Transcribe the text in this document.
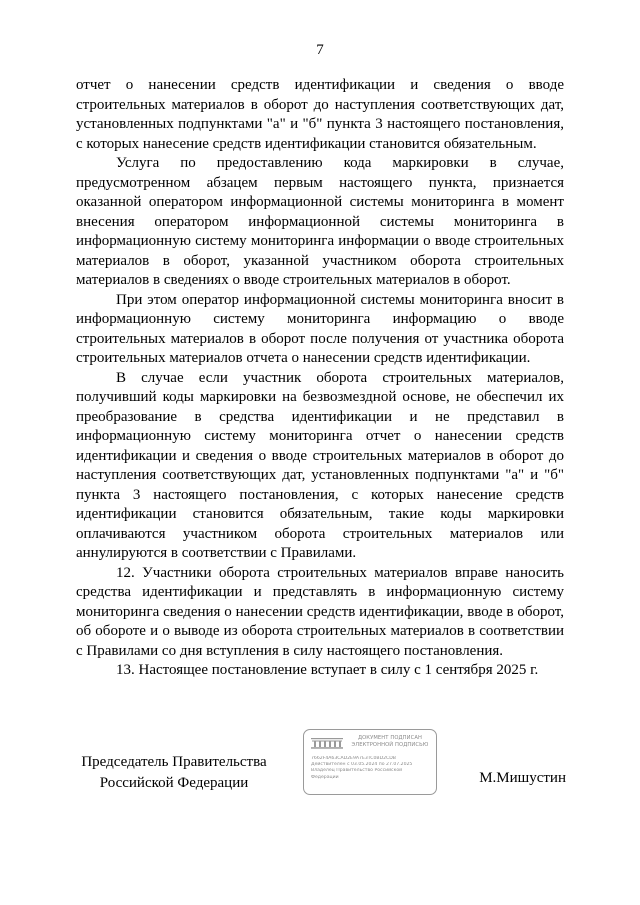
7

отчет о нанесении средств идентификации и сведения о вводе строительных материалов в оборот до наступления соответствующих дат, установленных подпунктами "а" и "б" пункта 3 настоящего постановления, с которых нанесение средств идентификации становится обязательным.

Услуга по предоставлению кода маркировки в случае, предусмотренном абзацем первым настоящего пункта, признается оказанной оператором информационной системы мониторинга в момент внесения оператором информационной системы мониторинга в информационную систему мониторинга информации о вводе строительных материалов в оборот, указанной участником оборота строительных материалов в сведениях о вводе строительных материалов в оборот.

При этом оператор информационной системы мониторинга вносит в информационную систему мониторинга информацию о вводе строительных материалов в оборот после получения от участника оборота строительных материалов отчета о нанесении средств идентификации.

В случае если участник оборота строительных материалов, получивший коды маркировки на безвозмездной основе, не обеспечил их преобразование в средства идентификации и не представил в информационную систему мониторинга отчет о нанесении средств идентификации и сведения о вводе строительных материалов в оборот до наступления соответствующих дат, установленных подпунктами "а" и "б" пункта 3 настоящего постановления, с которых нанесение средств идентификации становится обязательным, такие коды маркировки оплачиваются участником оборота строительных материалов или аннулируются в соответствии с Правилами.

12. Участники оборота строительных материалов вправе наносить средства идентификации и представлять в информационную систему мониторинга сведения о нанесении средств идентификации, вводе в оборот, об обороте и о выводе из оборота строительных материалов в соответствии с Правилами со дня вступления в силу настоящего постановления.

13. Настоящее постановление вступает в силу с 1 сентября 2025 г.

Председатель Правительства
Российской Федерации	М.Мишустин
ДОКУМЕНТ ПОДПИСАН
ЭЛЕКТРОННОЙ ПОДПИСЬЮ
7662F4A63CAD2E9A7E3TC0BD2CDB
Действителен с 03.05.2024 по 27.07.2025
Владелец Правительство Российской
Федерации
